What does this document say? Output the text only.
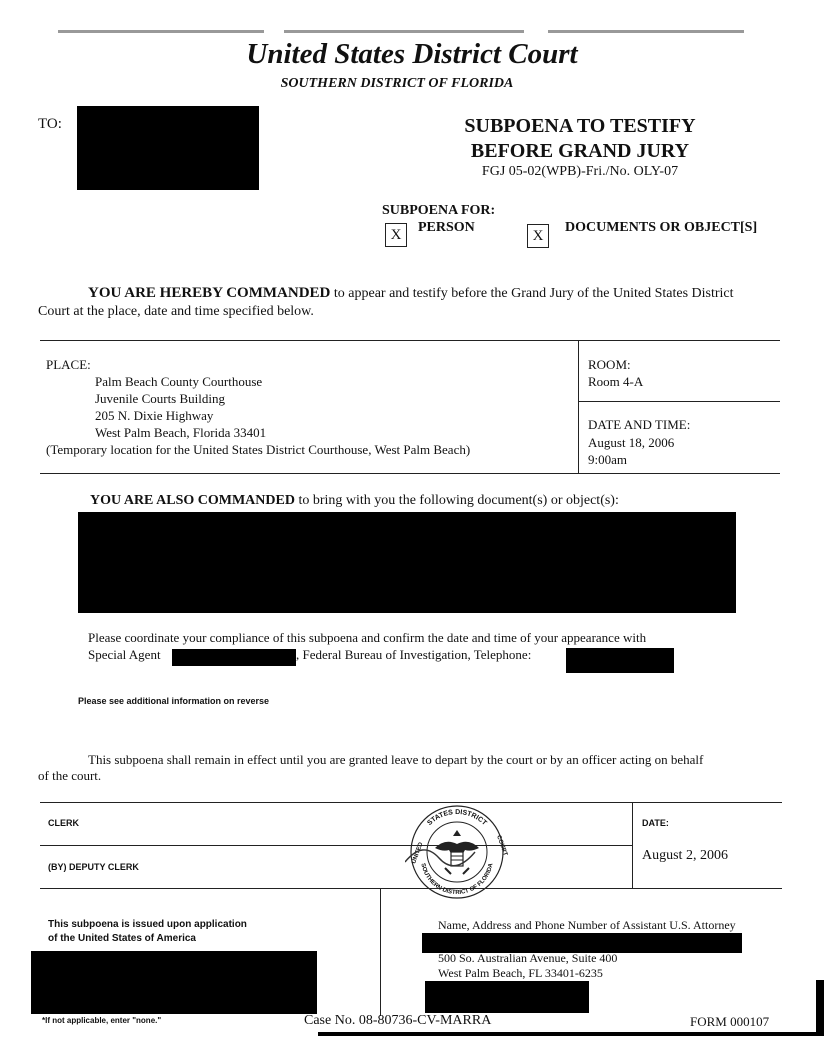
United States District Court
SOUTHERN DISTRICT OF FLORIDA
TO:	SUBPOENA TO TESTIFY
BEFORE GRAND JURY
FGJ 05-02(WPB)-Fri./No. OLY-07
SUBPOENA FOR:
X	PERSON
X
DOCUMENTS OR OBJECT[S]
YOU ARE HEREBY COMMANDED to appear and testify before the Grand Jury of the United States District
Court at the place, date and time specified below.
PLACE:
Palm Beach County Courthouse
Juvenile Courts Building
205 N. Dixie Highway
West Palm Beach, Florida 33401
(Temporary location for the United States District Courthouse, West Palm Beach)
ROOM:
Room 4-A
DATE AND TIME:
August 18, 2006
9:00am
YOU ARE ALSO COMMANDED to bring with you the following document(s) or object(s):
Please coordinate your compliance of this subpoena and confirm the date and time of your appearance with
Special Agent	, Federal Bureau of Investigation, Telephone:
Please see additional information on reverse
This subpoena shall remain in effect until you are granted leave to depart by the court or by an officer acting on behalf
of the court.
CLERK
(BY) DEPUTY CLERK
DATE:
August 2, 2006
STATES DISTRICT
SOUTHERN DISTRICT OF FLORIDA
UNITED	COURT
This subpoena is issued upon application
of the United States of America
Name, Address and Phone Number of Assistant U.S. Attorney
500 So. Australian Avenue, Suite 400
West Palm Beach, FL 33401-6235
*If not applicable, enter "none."	Case No. 08-80736-CV-MARRA	FORM 000107
